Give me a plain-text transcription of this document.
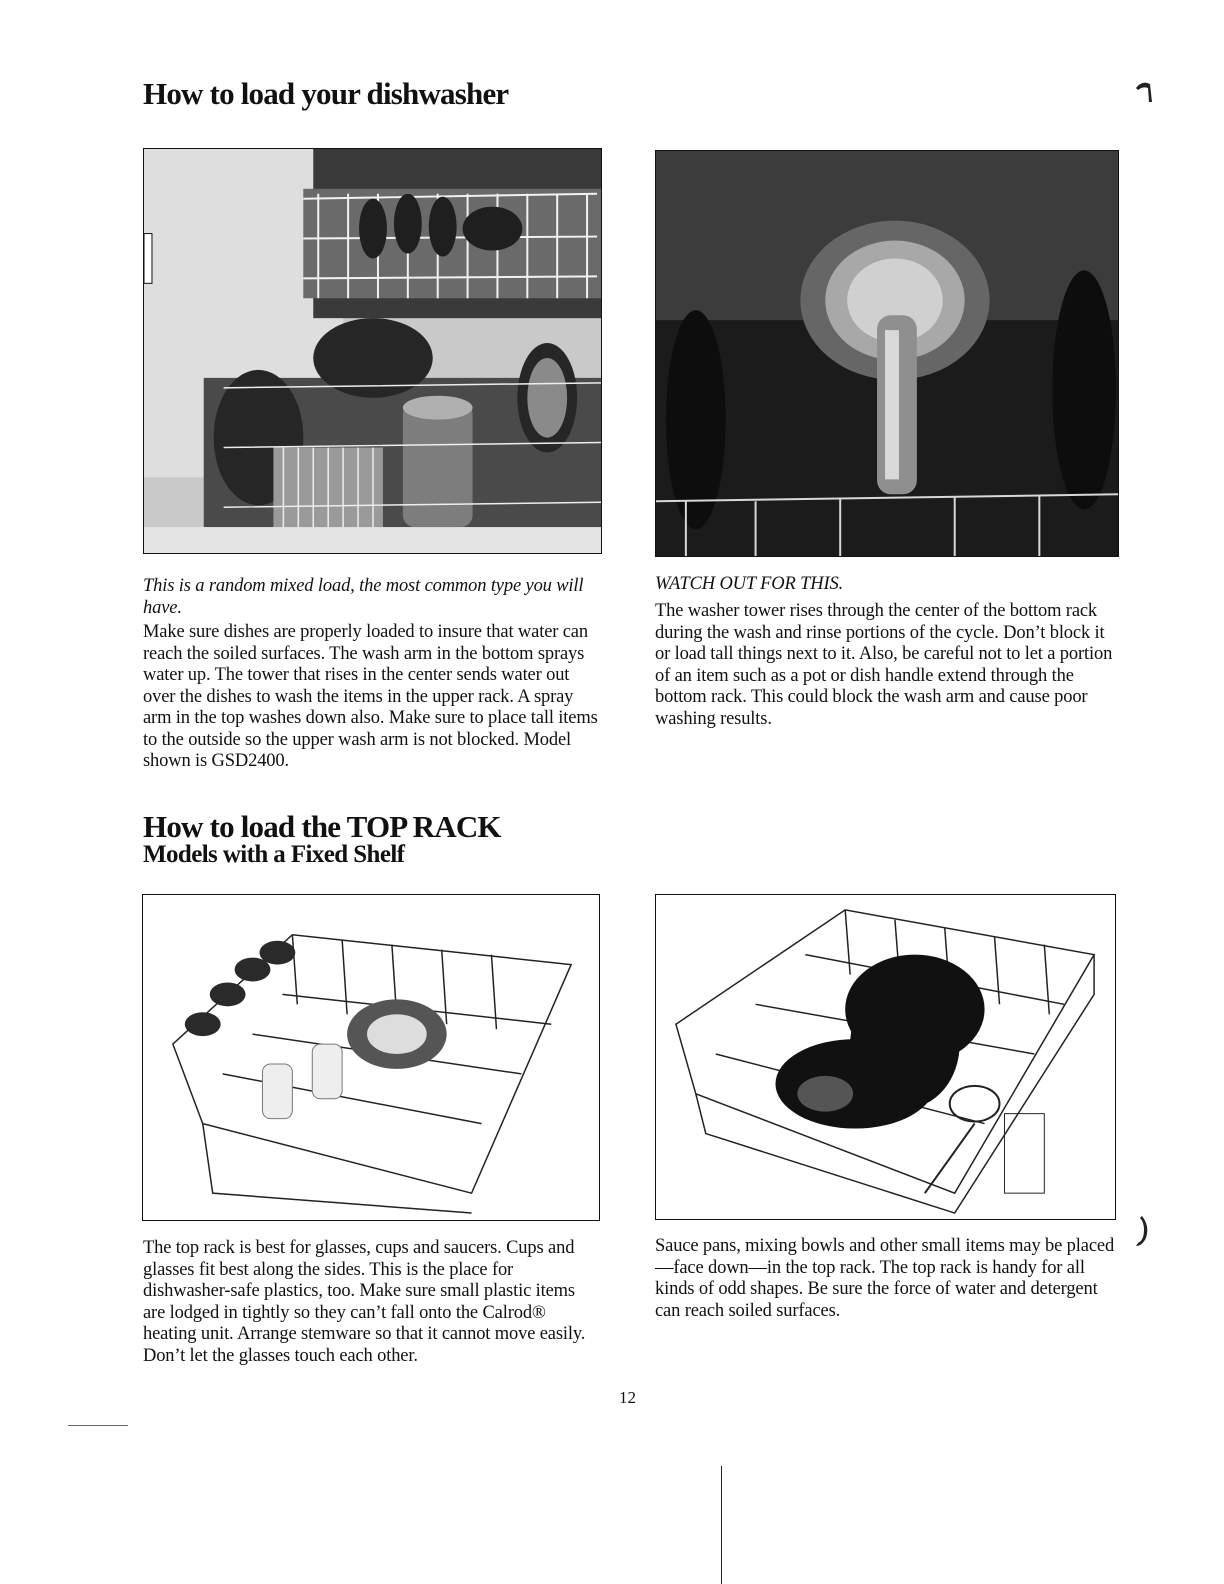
How to load your dishwasher
This is a random mixed load, the most common type you will have.
Make sure dishes are properly loaded to insure that water can reach the soiled surfaces. The wash arm in the bottom sprays water up. The tower that rises in the center sends water out over the dishes to wash the items in the upper rack. A spray arm in the top washes down also. Make sure to place tall items to the outside so the upper wash arm is not blocked. Model shown is GSD2400.
WATCH OUT FOR THIS.
The washer tower rises through the center of the bottom rack during the wash and rinse portions of the cycle. Don’t block it or load tall things next to it. Also, be careful not to let a portion of an item such as a pot or dish handle extend through the bottom rack. This could block the wash arm and cause poor washing results.
How to load the TOP RACK
Models with a Fixed Shelf
The top rack is best for glasses, cups and saucers. Cups and glasses fit best along the sides. This is the place for dishwasher-safe plastics, too. Make sure small plastic items are lodged in tightly so they can’t fall onto the Calrod® heating unit. Arrange stemware so that it cannot move easily. Don’t let the glasses touch each other.
Sauce pans, mixing bowls and other small items may be placed—face down—in the top rack. The top rack is handy for all kinds of odd shapes. Be sure the force of water and detergent can reach soiled surfaces.
12
